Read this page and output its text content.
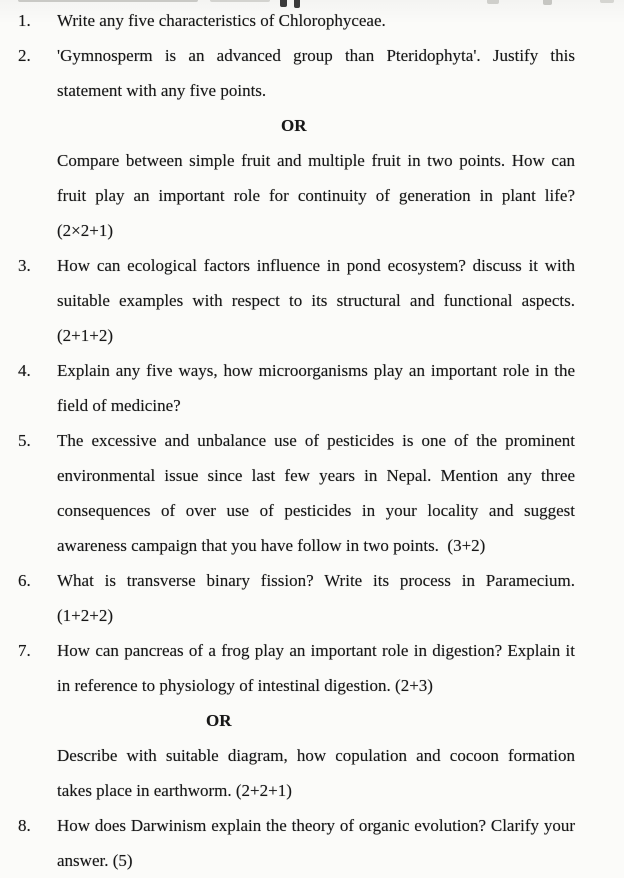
1.	Write any five characteristics of Chlorophyceae.
2.	'Gymnosperm is an advanced group than Pteridophyta'. Justify this statement with any five points.
OR
Compare between simple fruit and multiple fruit in two points. How can fruit play an important role for continuity of generation in plant life? (2×2+1)
3.	How can ecological factors influence in pond ecosystem? discuss it with suitable examples with respect to its structural and functional aspects. (2+1+2)
4.	Explain any five ways, how microorganisms play an important role in the field of medicine?
5.	The excessive and unbalance use of pesticides is one of the prominent environmental issue since last few years in Nepal. Mention any three consequences of over use of pesticides in your locality and suggest awareness campaign that you have follow in two points.  (3+2)
6.	What is transverse binary fission? Write its process in Paramecium. (1+2+2)
7.	How can pancreas of a frog play an important role in digestion? Explain it in reference to physiology of intestinal digestion. (2+3)
OR
Describe with suitable diagram, how copulation and cocoon formation takes place in earthworm. (2+2+1)
8.	How does Darwinism explain the theory of organic evolution? Clarify your answer. (5)
